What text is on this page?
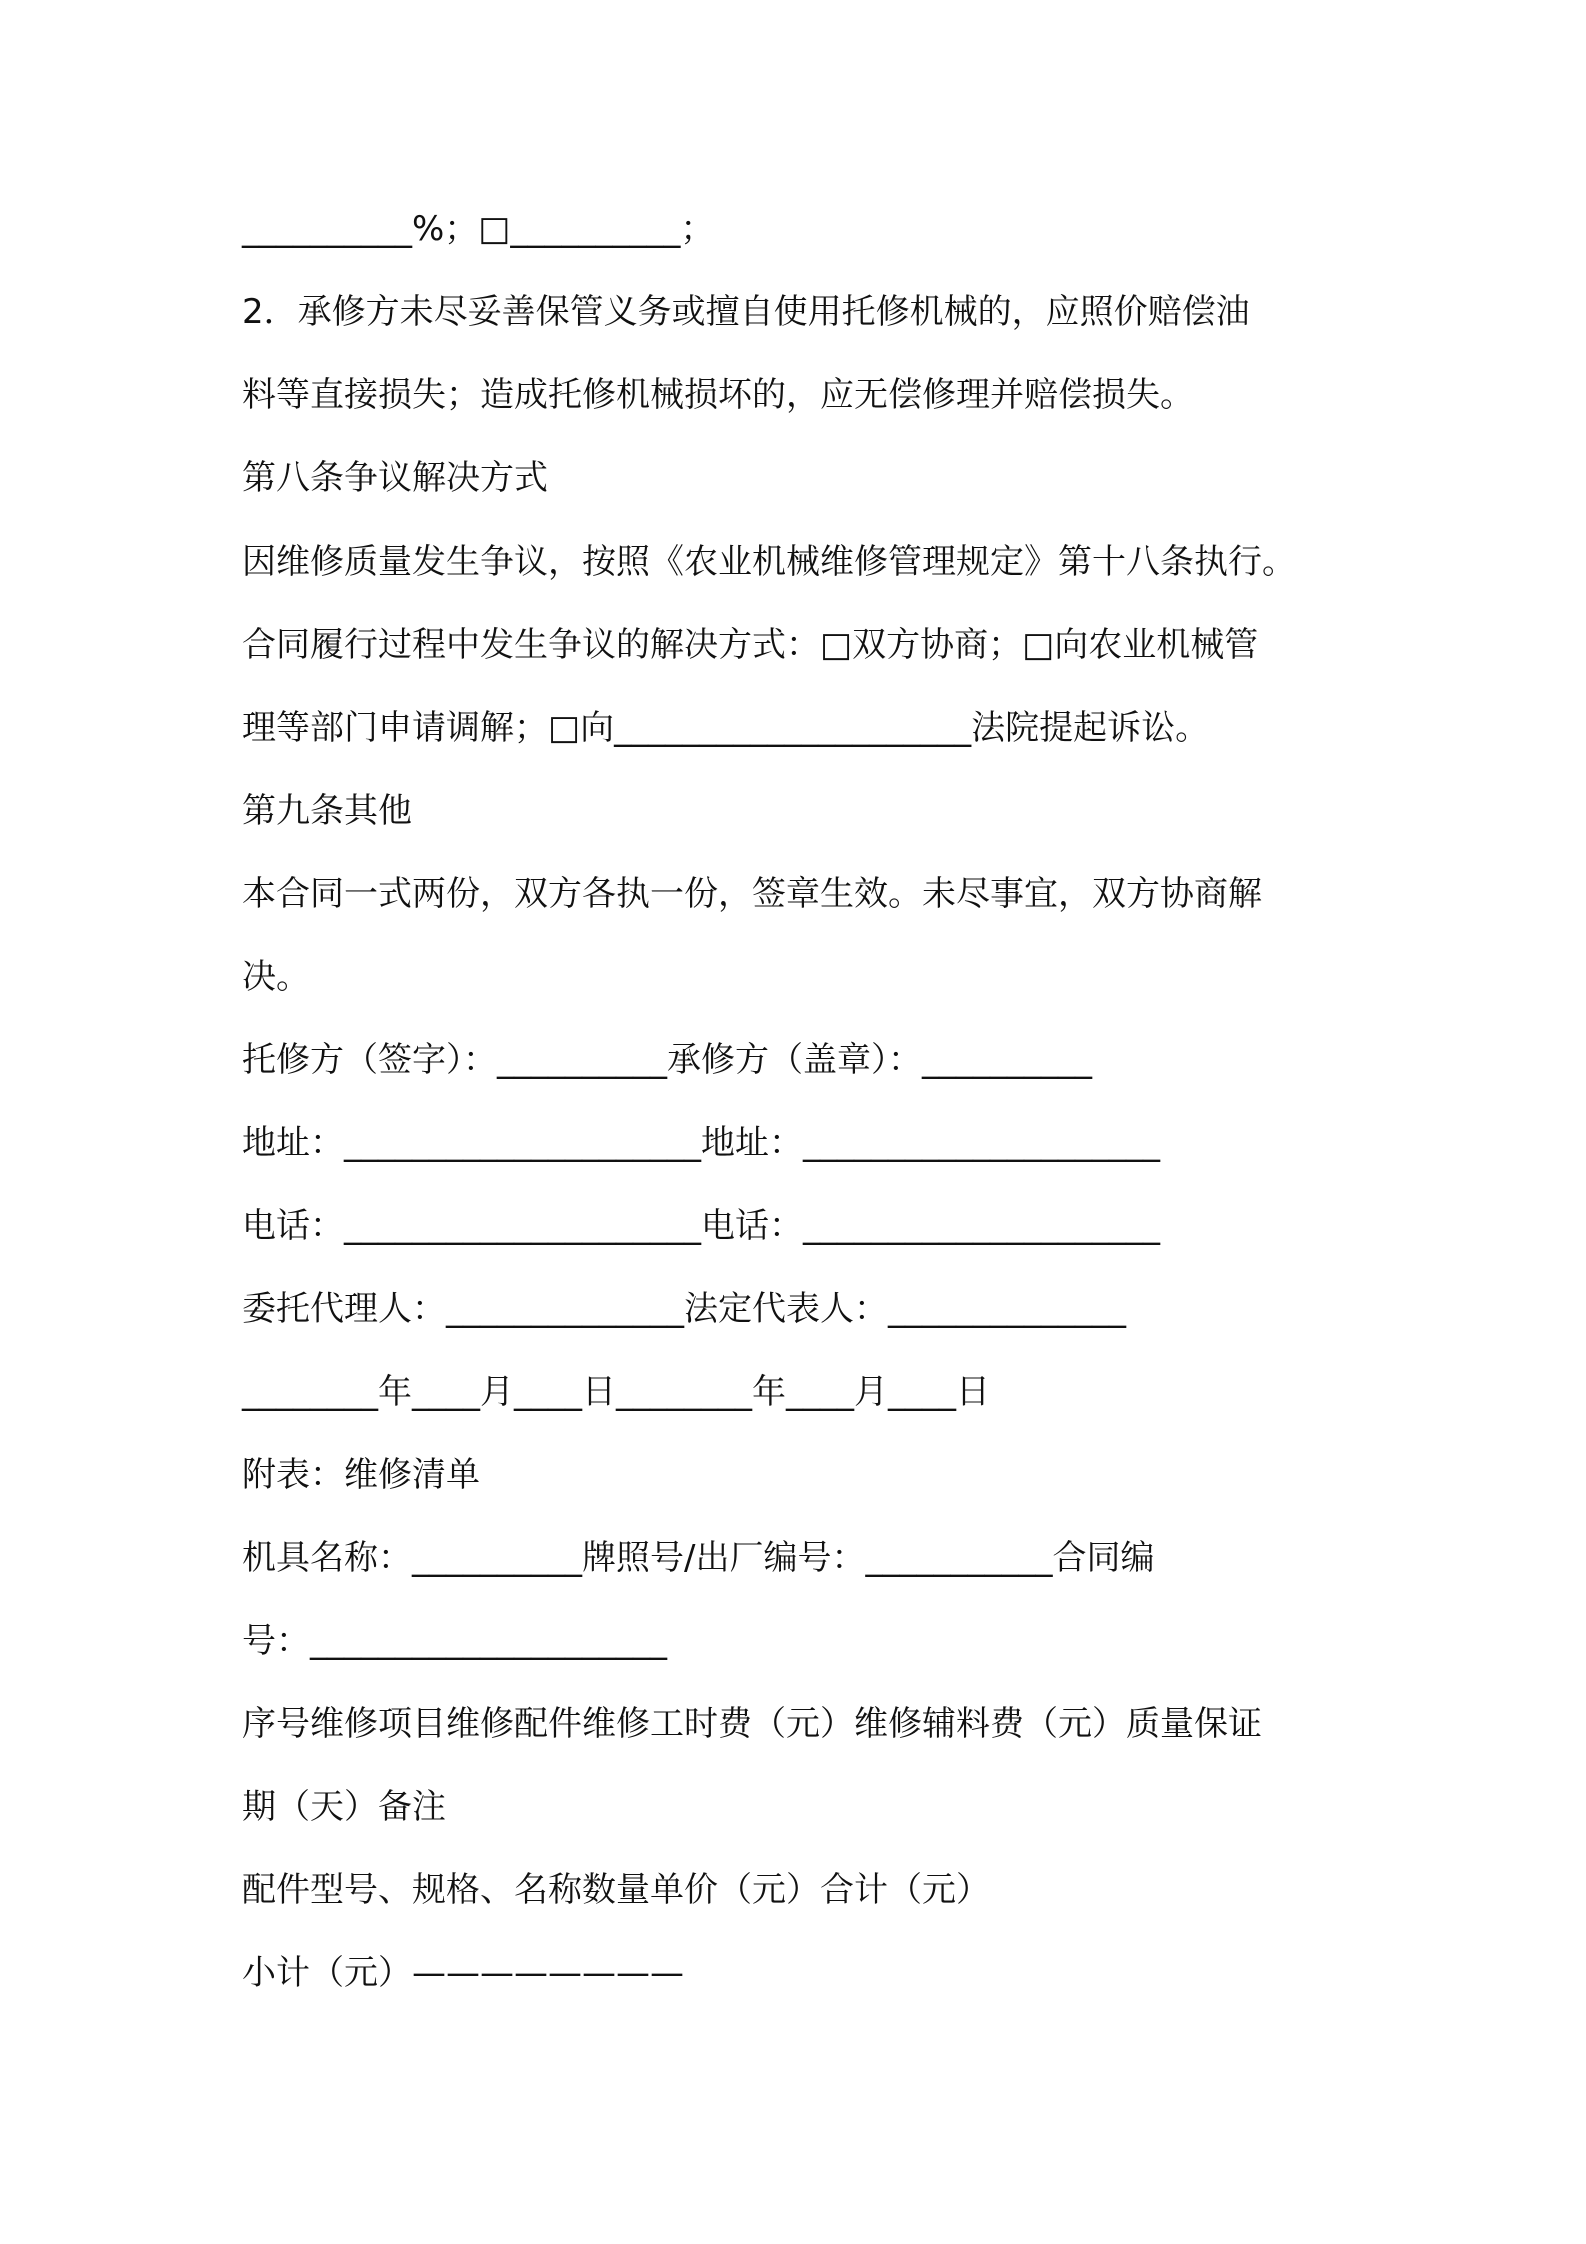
__________%；□__________；
2．承修方未尽妥善保管义务或擅自使用托修机械的，应照价赔偿油
料等直接损失；造成托修机械损坏的，应无偿修理并赔偿损失。
第八条争议解决方式
因维修质量发生争议，按照《农业机械维修管理规定》第十八条执行。
合同履行过程中发生争议的解决方式：□双方协商；□向农业机械管
理等部门申请调解；□向_____________________法院提起诉讼。
第九条其他
本合同一式两份，双方各执一份，签章生效。未尽事宜，双方协商解
决。
托修方（签字）：__________承修方（盖章）：__________
地址：_____________________地址：_____________________
电话：_____________________电话：_____________________
委托代理人：______________法定代表人：______________
________年____月____日________年____月____日
附表：维修清单
机具名称：__________牌照号/出厂编号：___________合同编
号：_____________________
序号维修项目维修配件维修工时费（元）维修辅料费（元）质量保证
期（天）备注
配件型号、规格、名称数量单价（元）合计（元）
小计（元）————————
